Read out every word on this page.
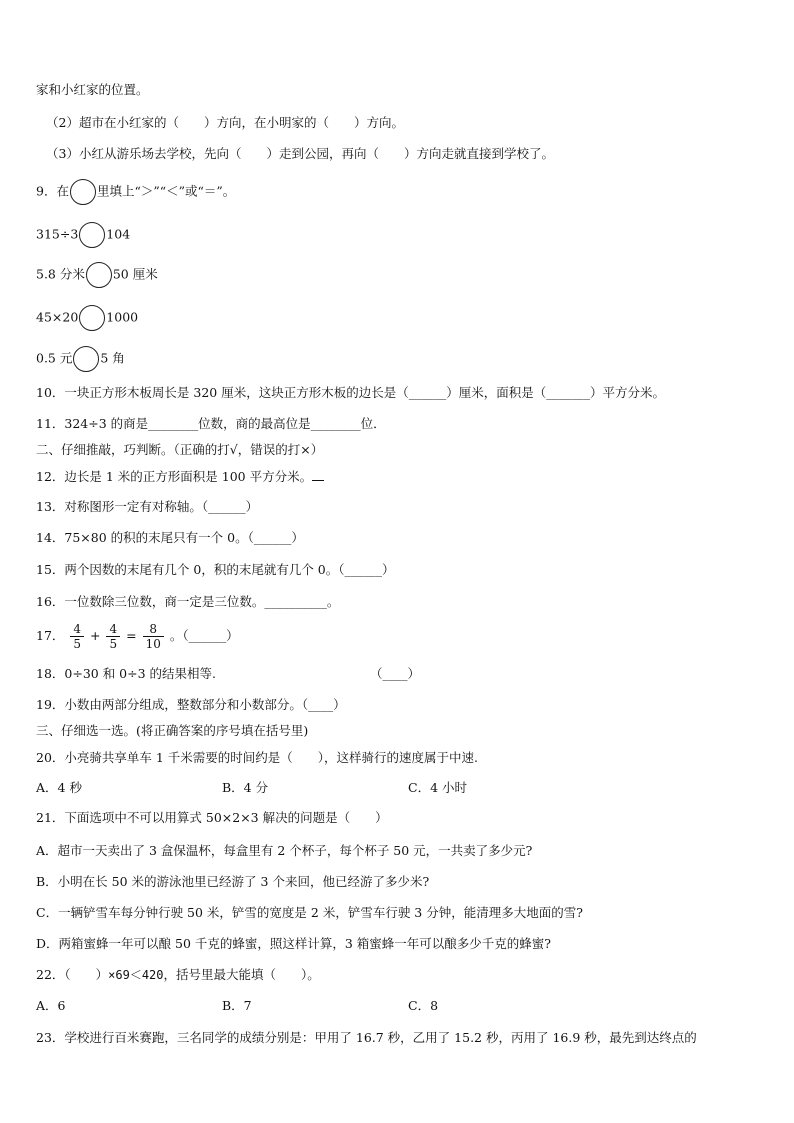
家和小红家的位置。
（2）超市在小红家的（　　）方向，在小明家的（　　）方向。
（3）小红从游乐场去学校，先向（　　）走到公园，再向（　　）方向走就直接到学校了。
9．在 里填上“＞”“＜”或“＝”。
315÷3 104
5.8 分米 50 厘米
45×20 1000
0.5 元 5 角
10．一块正方形木板周长是 320 厘米，这块正方形木板的边长是（______）厘米，面积是（_______）平方分米。
11．324÷3 的商是________位数，商的最高位是________位．
二、仔细推敲，巧判断。（正确的打√，错误的打×）
12．边长是 1 米的正方形面积是 100 平方分米。
13．对称图形一定有对称轴。（______）
14．75×80 的积的末尾只有一个 0。（______）
15．两个因数的末尾有几个 0，积的末尾就有几个 0。（______）
16．一位数除三位数，商一定是三位数。__________。
17． $\frac{4}{5} + \frac{4}{5} = \frac{8}{10}$ 。（______）
18．0÷30 和 0÷3 的结果相等.	（____）
19．小数由两部分组成，整数部分和小数部分。（____）
三、仔细选一选。(将正确答案的序号填在括号里)
20．小亮骑共享单车 1 千米需要的时间约是（　　），这样骑行的速度属于中速.
A．4 秒	B．4 分	C．4 小时
21．下面选项中不可以用算式 50×2×3 解决的问题是（　　）
A．超市一天卖出了 3 盒保温杯，每盒里有 2 个杯子，每个杯子 50 元，一共卖了多少元?
B．小明在长 50 米的游泳池里已经游了 3 个来回，他已经游了多少米?
C．一辆铲雪车每分钟行驶 50 米，铲雪的宽度是 2 米，铲雪车行驶 3 分钟，能清理多大地面的雪?
D．两箱蜜蜂一年可以酿 50 千克的蜂蜜，照这样计算，3 箱蜜蜂一年可以酿多少千克的蜂蜜?
22．（　　）×69＜420，括号里最大能填（　　）。
A．6	B．7	C．8
23．学校进行百米赛跑，三名同学的成绩分别是：甲用了 16.7 秒，乙用了 15.2 秒，丙用了 16.9 秒，最先到达终点的
